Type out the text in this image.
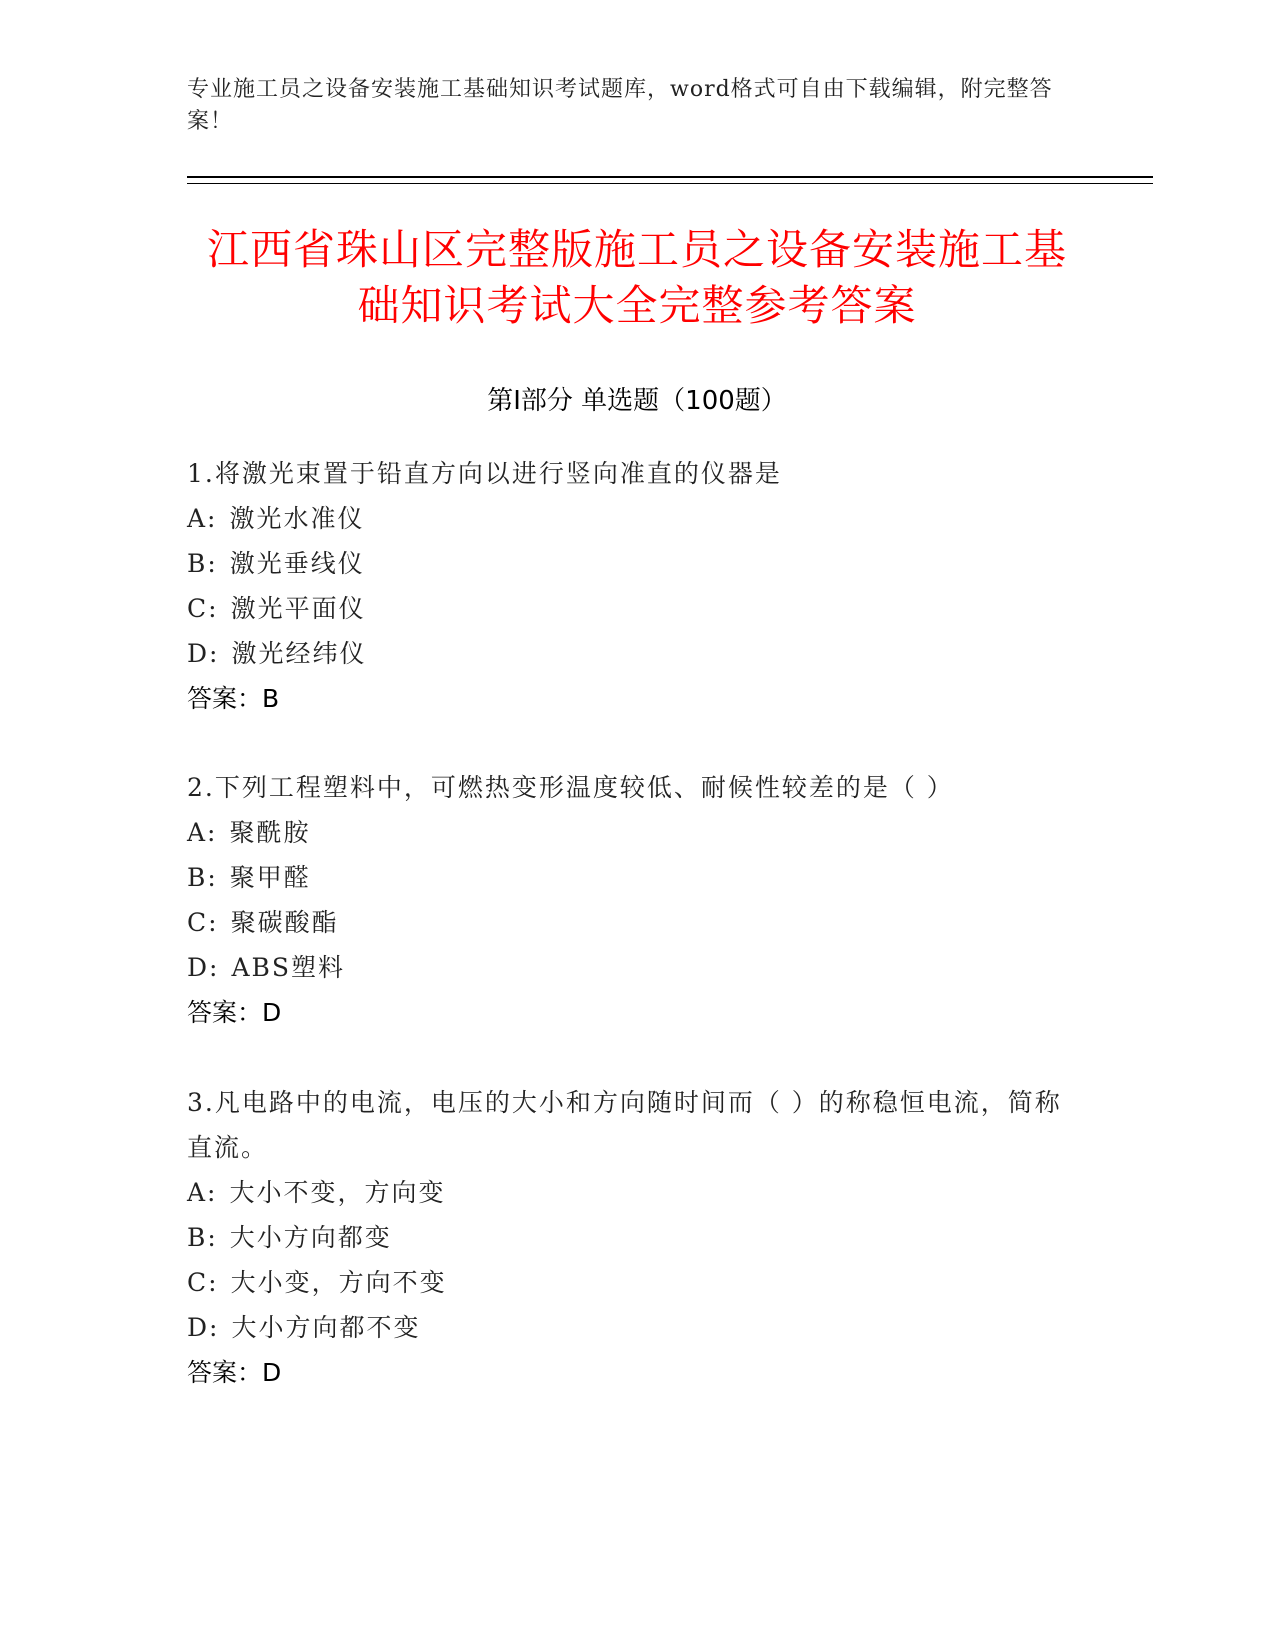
专业施工员之设备安装施工基础知识考试题库，word格式可自由下载编辑，附完整答案！
江西省珠山区完整版施工员之设备安装施工基础知识考试大全完整参考答案
第Ⅰ部分 单选题（100题）
1.将激光束置于铅直方向以进行竖向准直的仪器是
A: 激光水准仪
B: 激光垂线仪
C: 激光平面仪
D: 激光经纬仪
答案：B
2.下列工程塑料中，可燃热变形温度较低、耐候性较差的是（ ）
A: 聚酰胺
B: 聚甲醛
C: 聚碳酸酯
D: ABS塑料
答案：D
3.凡电路中的电流，电压的大小和方向随时间而（ ）的称稳恒电流，简称直流。
A: 大小不变，方向变
B: 大小方向都变
C: 大小变，方向不变
D: 大小方向都不变
答案：D
